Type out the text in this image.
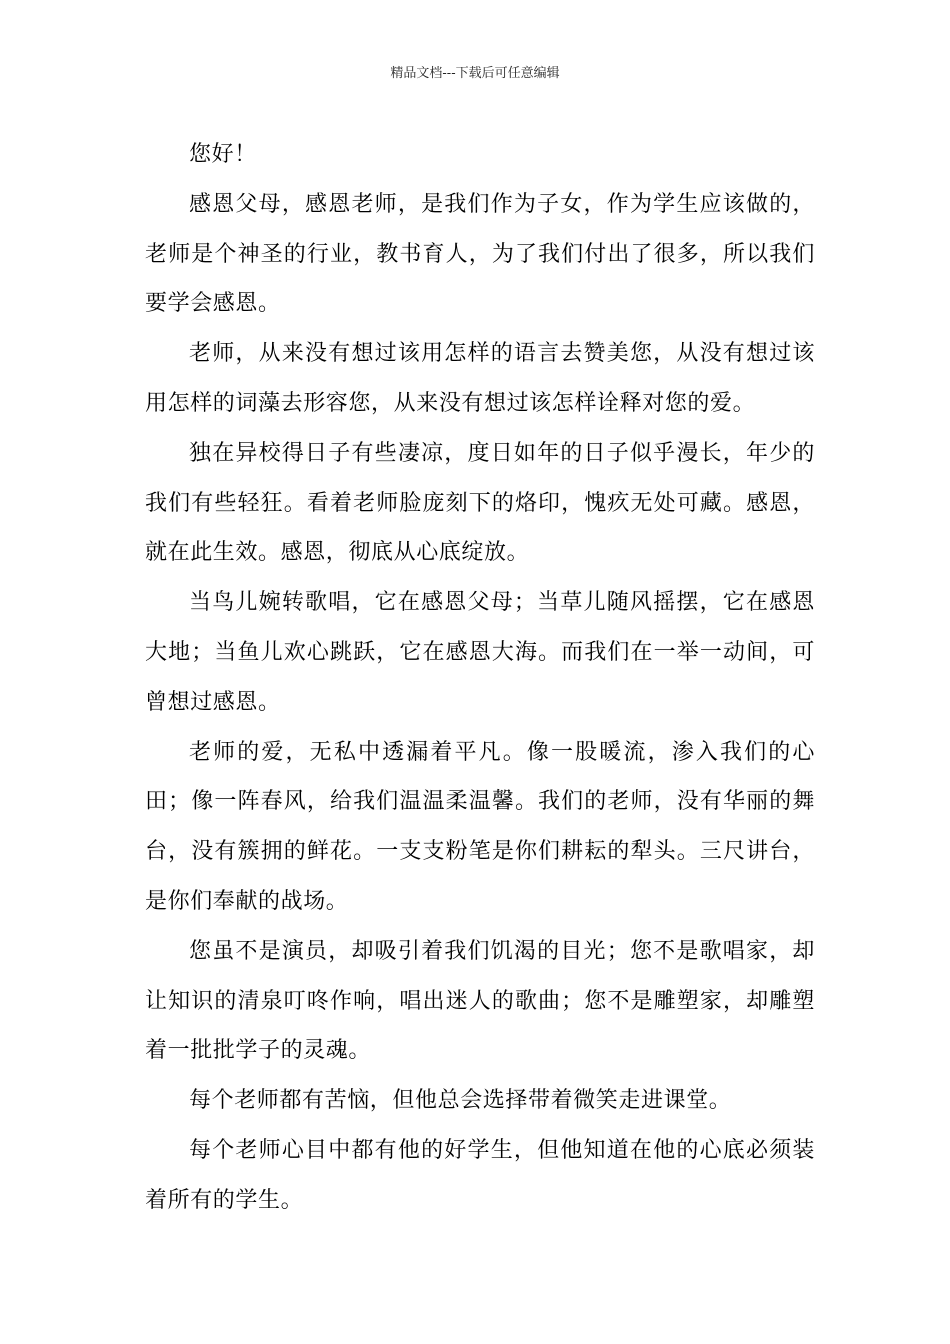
精品文档---下载后可任意编辑

您好！

感恩父母，感恩老师，是我们作为子女，作为学生应该做的，老师是个神圣的行业，教书育人，为了我们付出了很多，所以我们要学会感恩。

老师，从来没有想过该用怎样的语言去赞美您，从没有想过该用怎样的词藻去形容您，从来没有想过该怎样诠释对您的爱。

独在异校得日子有些凄凉，度日如年的日子似乎漫长，年少的我们有些轻狂。看着老师脸庞刻下的烙印，愧疚无处可藏。感恩，就在此生效。感恩，彻底从心底绽放。

当鸟儿婉转歌唱，它在感恩父母；当草儿随风摇摆，它在感恩大地；当鱼儿欢心跳跃，它在感恩大海。而我们在一举一动间，可曾想过感恩。

老师的爱，无私中透漏着平凡。像一股暖流，渗入我们的心田；像一阵春风，给我们温温柔温馨。我们的老师，没有华丽的舞台，没有簇拥的鲜花。一支支粉笔是你们耕耘的犁头。三尺讲台，是你们奉献的战场。

您虽不是演员，却吸引着我们饥渴的目光；您不是歌唱家，却让知识的清泉叮咚作响，唱出迷人的歌曲；您不是雕塑家，却雕塑着一批批学子的灵魂。

每个老师都有苦恼，但他总会选择带着微笑走进课堂。

每个老师心目中都有他的好学生，但他知道在他的心底必须装着所有的学生。
